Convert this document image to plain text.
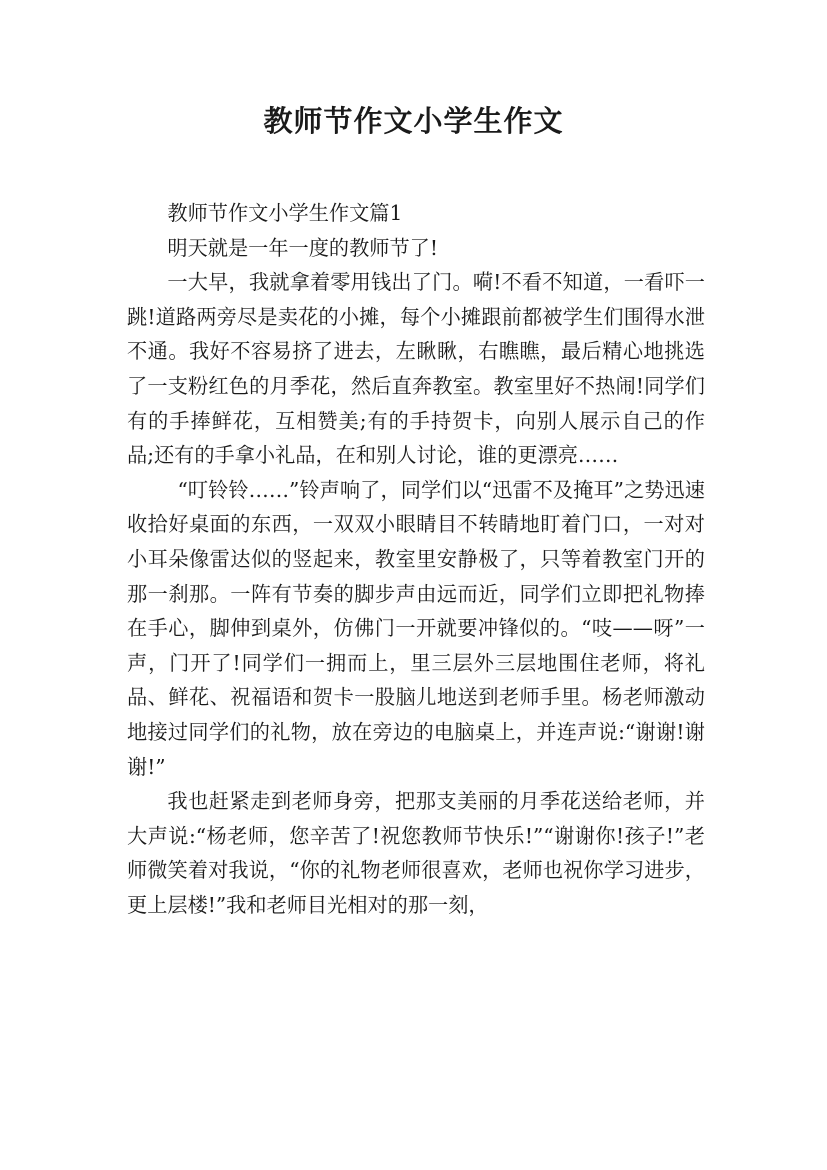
教师节作文小学生作文

教师节作文小学生作文篇1

明天就是一年一度的教师节了!

一大早，我就拿着零用钱出了门。嗬!不看不知道，一看吓一跳!道路两旁尽是卖花的小摊，每个小摊跟前都被学生们围得水泄不通。我好不容易挤了进去，左瞅瞅，右瞧瞧，最后精心地挑选了一支粉红色的月季花，然后直奔教室。教室里好不热闹!同学们有的手捧鲜花，互相赞美;有的手持贺卡，向别人展示自己的作品;还有的手拿小礼品，在和别人讨论，谁的更漂亮……

“叮铃铃……”铃声响了，同学们以“迅雷不及掩耳”之势迅速收拾好桌面的东西，一双双小眼睛目不转睛地盯着门口，一对对小耳朵像雷达似的竖起来，教室里安静极了，只等着教室门开的那一刹那。一阵有节奏的脚步声由远而近，同学们立即把礼物捧在手心，脚伸到桌外，仿佛门一开就要冲锋似的。“吱——呀”一声，门开了!同学们一拥而上，里三层外三层地围住老师，将礼品、鲜花、祝福语和贺卡一股脑儿地送到老师手里。杨老师激动地接过同学们的礼物，放在旁边的电脑桌上，并连声说:“谢谢!谢谢!”

我也赶紧走到老师身旁，把那支美丽的月季花送给老师，并大声说:“杨老师，您辛苦了!祝您教师节快乐!”“谢谢你!孩子!”老师微笑着对我说，“你的礼物老师很喜欢，老师也祝你学习进步，更上层楼!”我和老师目光相对的那一刻，
